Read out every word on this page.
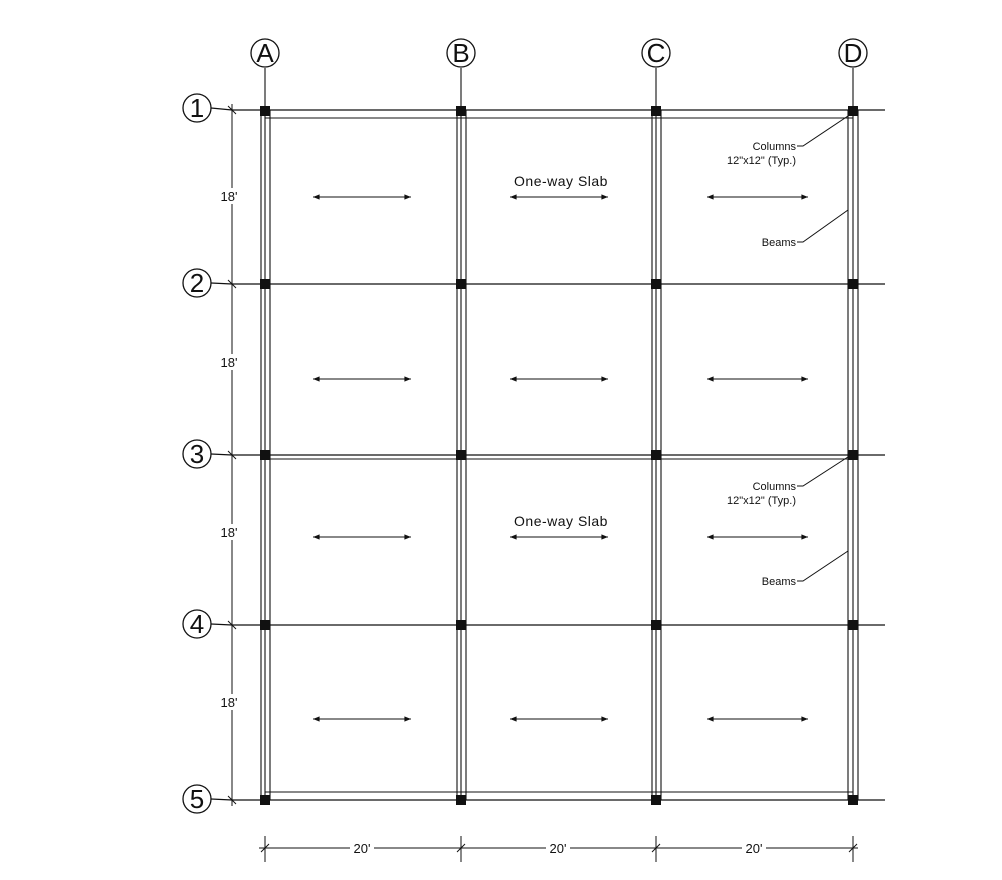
A	B	C	D
1
2
3
4
5
18'
18'
18'
18'
20'	20'	20'
One-way Slab
One-way Slab
Columns
12"x12" (Typ.)
Beams
Columns
12"x12" (Typ.)
Beams
